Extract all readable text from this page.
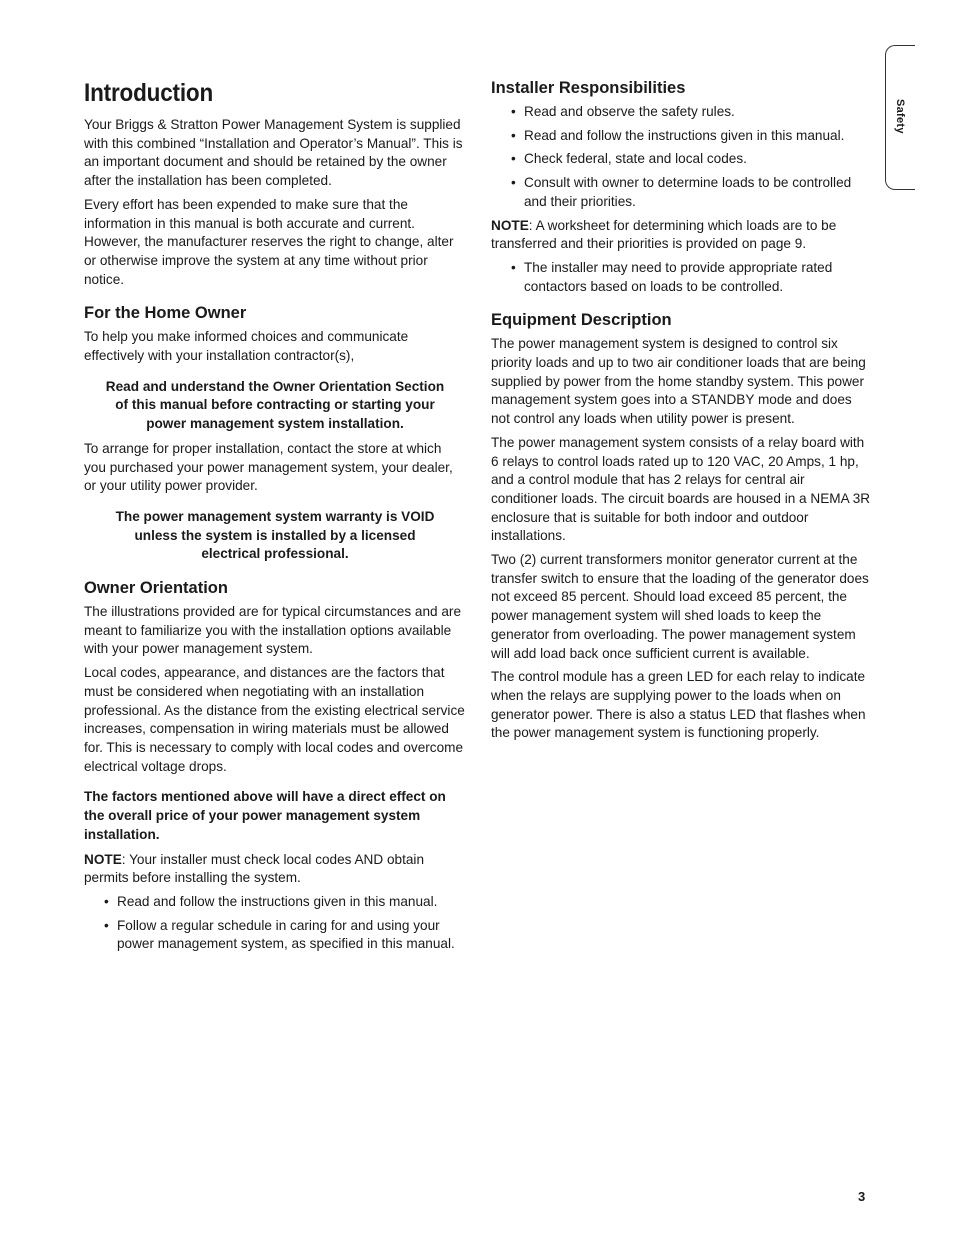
Safety
Introduction

Your Briggs & Stratton Power Management System is supplied with this combined “Installation and Operator’s Manual”. This is an important document and should be retained by the owner after the installation has been completed.

Every effort has been expended to make sure that the information in this manual is both accurate and current. However, the manufacturer reserves the right to change, alter or otherwise improve the system at any time without prior notice.

For the Home Owner

To help you make informed choices and communicate effectively with your installation contractor(s),

Read and understand the Owner Orientation Section of this manual before contracting or starting your power management system installation.

To arrange for proper installation, contact the store at which you purchased your power management system, your dealer, or your utility power provider.

The power management system warranty is VOID unless the system is installed by a licensed electrical professional.

Owner Orientation

The illustrations provided are for typical circumstances and are meant to familiarize you with the installation options available with your power management system.

Local codes, appearance, and distances are the factors that must be considered when negotiating with an installation professional. As the distance from the existing electrical service increases, compensation in wiring materials must be allowed for. This is necessary to comply with local codes and overcome electrical voltage drops.

The factors mentioned above will have a direct effect on the overall price of your power management system installation.

NOTE: Your installer must check local codes AND obtain permits before installing the system.

• Read and follow the instructions given in this manual.
• Follow a regular schedule in caring for and using your power management system, as specified in this manual.
Installer Responsibilities
• Read and observe the safety rules.
• Read and follow the instructions given in this manual.
• Check federal, state and local codes.
• Consult with owner to determine loads to be controlled and their priorities.

NOTE: A worksheet for determining which loads are to be transferred and their priorities is provided on page 9.

• The installer may need to provide appropriate rated contactors based on loads to be controlled.
Equipment Description

The power management system is designed to control six priority loads and up to two air conditioner loads that are being supplied by power from the home standby system. This power management system goes into a STANDBY mode and does not control any loads when utility power is present.

The power management system consists of a relay board with 6 relays to control loads rated up to 120 VAC, 20 Amps, 1 hp, and a control module that has 2 relays for central air conditioner loads. The circuit boards are housed in a NEMA 3R enclosure that is suitable for both indoor and outdoor installations.

Two (2) current transformers monitor generator current at the transfer switch to ensure that the loading of the generator does not exceed 85 percent. Should load exceed 85 percent, the power management system will shed loads to keep the generator from overloading. The power management system will add load back once sufficient current is available.

The control module has a green LED for each relay to indicate when the relays are supplying power to the loads when on generator power. There is also a status LED that flashes when the power management system is functioning properly.

3
